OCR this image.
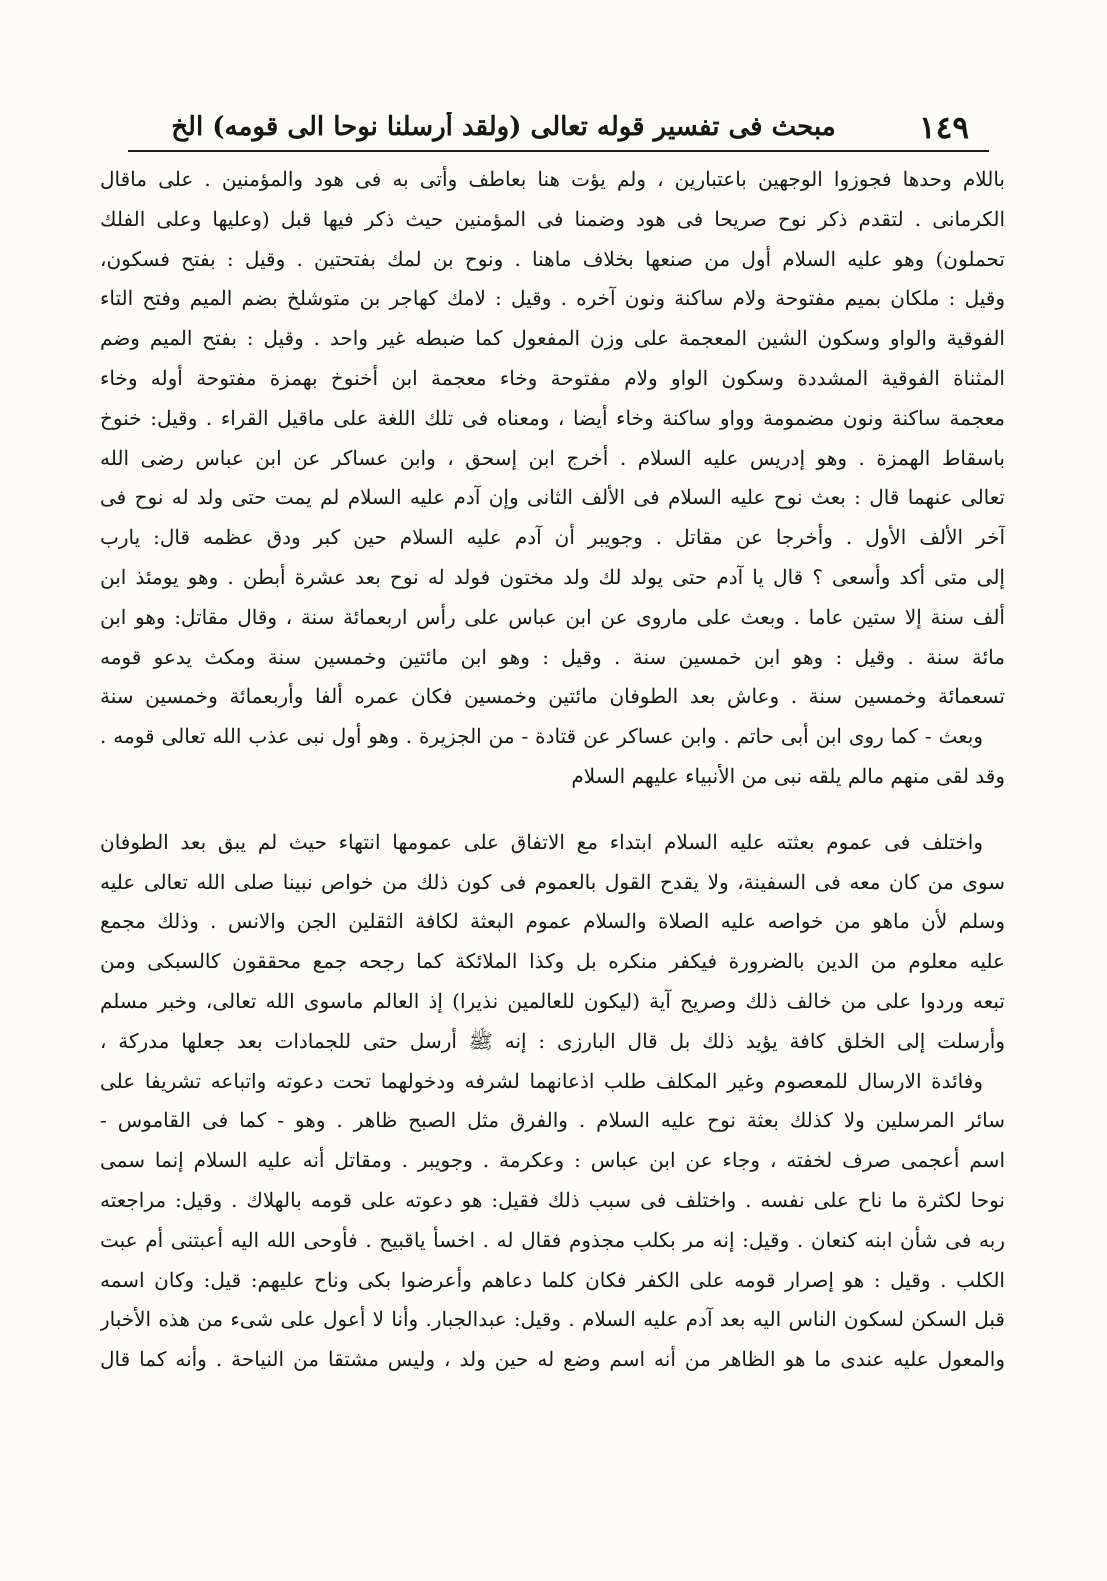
١٤٩
مبحث فى تفسير قوله تعالى (ولقد أرسلنا نوحا الى قومه) الخ
باللام وحدها فجوزوا الوجهين باعتبارين ، ولم يؤت هنا بعاطف وأتى به فى هود والمؤمنين . على ماقال
الكرمانى . لتقدم ذكر نوح صريحا فى هود وضمنا فى المؤمنين حيث ذكر فيها قبل (وعليها وعلى الفلك
تحملون) وهو عليه السلام أول من صنعها بخلاف ماهنا . ونوح بن لمك بفتحتين . وقيل : بفتح فسكون،
وقيل : ملكان بميم مفتوحة ولام ساكنة ونون آخره . وقيل : لامك كهاجر بن متوشلخ بضم الميم وفتح التاء
الفوقية والواو وسكون الشين المعجمة على وزن المفعول كما ضبطه غير واحد . وقيل : بفتح الميم وضم
المثناة الفوقية المشددة وسكون الواو ولام مفتوحة وخاء معجمة ابن أخنوخ بهمزة مفتوحة أوله وخاء
معجمة ساكنة ونون مضمومة وواو ساكنة وخاء أيضا ، ومعناه فى تلك اللغة على ماقيل القراء . وقيل: خنوخ
باسقاط الهمزة . وهو إدريس عليه السلام . أخرج ابن إسحق ، وابن عساكر عن ابن عباس رضى الله
تعالى عنهما قال : بعث نوح عليه السلام فى الألف الثانى وإن آدم عليه السلام لم يمت حتى ولد له نوح فى
آخر الألف الأول . وأخرجا عن مقاتل . وجويبر أن آدم عليه السلام حين كبر ودق عظمه قال: يارب
إلى متى أكد وأسعى ؟ قال يا آدم حتى يولد لك ولد مختون فولد له نوح بعد عشرة أبطن . وهو يومئذ ابن
ألف سنة إلا ستين عاما . وبعث على ماروى عن ابن عباس على رأس اربعمائة سنة ، وقال مقاتل: وهو ابن
مائة سنة . وقيل : وهو ابن خمسين سنة . وقيل : وهو ابن مائتين وخمسين سنة ومكث يدعو قومه
تسعمائة وخمسين سنة . وعاش بعد الطوفان مائتين وخمسين فكان عمره ألفا وأربعمائة وخمسين سنة
وبعث - كما روى ابن أبى حاتم . وابن عساكر عن قتادة - من الجزيرة . وهو أول نبى عذب الله تعالى قومه .
وقد لقى منهم مالم يلقه نبى من الأنبياء عليهم السلام
واختلف فى عموم بعثته عليه السلام ابتداء مع الاتفاق على عمومها انتهاء حيث لم يبق بعد الطوفان
سوى من كان معه فى السفينة، ولا يقدح القول بالعموم فى كون ذلك من خواص نبينا صلى الله تعالى عليه
وسلم لأن ماهو من خواصه عليه الصلاة والسلام عموم البعثة لكافة الثقلين الجن والانس . وذلك مجمع
عليه معلوم من الدين بالضرورة فيكفر منكره بل وكذا الملائكة كما رجحه جمع محققون كالسبكى ومن
تبعه وردوا على من خالف ذلك وصريح آية (ليكون للعالمين نذيرا) إذ العالم ماسوى الله تعالى، وخبر مسلم
وأرسلت إلى الخلق كافة يؤيد ذلك بل قال البارزى : إنه ﷺ أرسل حتى للجمادات بعد جعلها مدركة ،
وفائدة الارسال للمعصوم وغير المكلف طلب اذعانهما لشرفه ودخولهما تحت دعوته واتباعه تشريفا على
سائر المرسلين ولا كذلك بعثة نوح عليه السلام . والفرق مثل الصبح ظاهر . وهو - كما فى القاموس -
اسم أعجمى صرف لخفته ، وجاء عن ابن عباس : وعكرمة . وجويبر . ومقاتل أنه عليه السلام إنما سمى
نوحا لكثرة ما ناح على نفسه . واختلف فى سبب ذلك فقيل: هو دعوته على قومه بالهلاك . وقيل: مراجعته
ربه فى شأن ابنه كنعان . وقيل: إنه مر بكلب مجذوم فقال له . اخسأ ياقبيح . فأوحى الله اليه أعبتنى أم عبت
الكلب . وقيل : هو إصرار قومه على الكفر فكان كلما دعاهم وأعرضوا بكى وناح عليهم: قيل: وكان اسمه
قبل السكن لسكون الناس اليه بعد آدم عليه السلام . وقيل: عبدالجبار. وأنا لا أعول على شىء من هذه الأخبار
والمعول عليه عندى ما هو الظاهر من أنه اسم وضع له حين ولد ، وليس مشتقا من النياحة . وأنه كما قال
